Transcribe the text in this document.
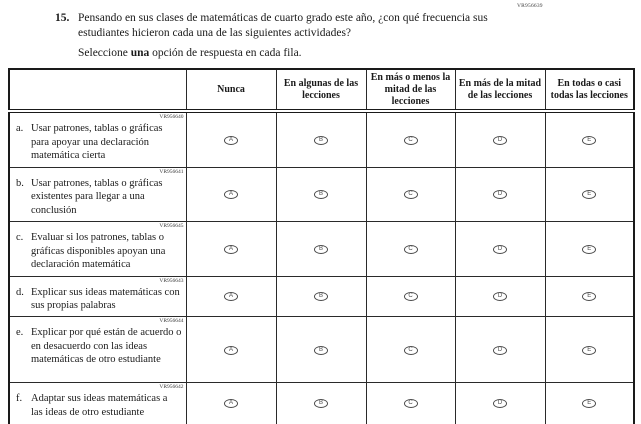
VR956639
15. Pensando en sus clases de matemáticas de cuarto grado este año, ¿con qué frecuencia sus estudiantes hicieron cada una de las siguientes actividades?
Seleccione una opción de respuesta en cada fila.
	Nunca	En algunas de las lecciones	En más o menos la mitad de las lecciones	En más de la mitad de las lecciones	En todas o casi todas las lecciones

VR956640
a. Usar patrones, tablas o gráficas para apoyar una declaración matemática cierta	A	B	C	D	E

VR956641
b. Usar patrones, tablas o gráficas existentes para llegar a una conclusión	A	B	C	D	E

VR956645
c. Evaluar si los patrones, tablas o gráficas disponibles apoyan una declaración matemática	A	B	C	D	E

VR956643
d. Explicar sus ideas matemáticas con sus propias palabras	A	B	C	D	E

VR956644
e. Explicar por qué están de acuerdo o en desacuerdo con las ideas matemáticas de otro estudiante	A	B	C	D	E

VR956642
f. Adaptar sus ideas matemáticas a las ideas de otro estudiante	A	B	C	D	E
